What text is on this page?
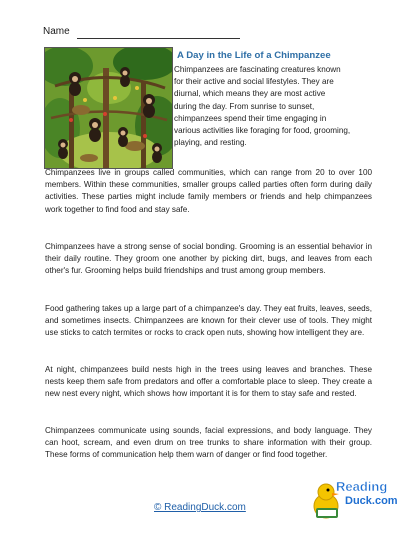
Name
A Day in the Life of a Chimpanzee
Chimpanzees are fascinating creatures known
for their active and social lifestyles. They are
diurnal, which means they are most active
during the day. From sunrise to sunset,
chimpanzees spend their time engaging in
various activities like foraging for food, grooming,
playing, and resting.
Chimpanzees live in groups called communities, which can range from 20 to over 100 members. Within these communities, smaller groups called parties often form during daily activities. These parties might include family members or friends and help chimpanzees work together to find food and stay safe.
Chimpanzees have a strong sense of social bonding. Grooming is an essential behavior in their daily routine. They groom one another by picking dirt, bugs, and leaves from each other's fur. Grooming helps build friendships and trust among group members.
Food gathering takes up a large part of a chimpanzee's day. They eat fruits, leaves, seeds, and sometimes insects. Chimpanzees are known for their clever use of tools. They might use sticks to catch termites or rocks to crack open nuts, showing how intelligent they are.
At night, chimpanzees build nests high in the trees using leaves and branches. These nests keep them safe from predators and offer a comfortable place to sleep. They create a new nest every night, which shows how important it is for them to stay safe and rested.
Chimpanzees communicate using sounds, facial expressions, and body language. They can hoot, scream, and even drum on tree trunks to share information with their group. These forms of communication help them warn of danger or find food together.
© ReadingDuck.com
Reading
Duck.com
